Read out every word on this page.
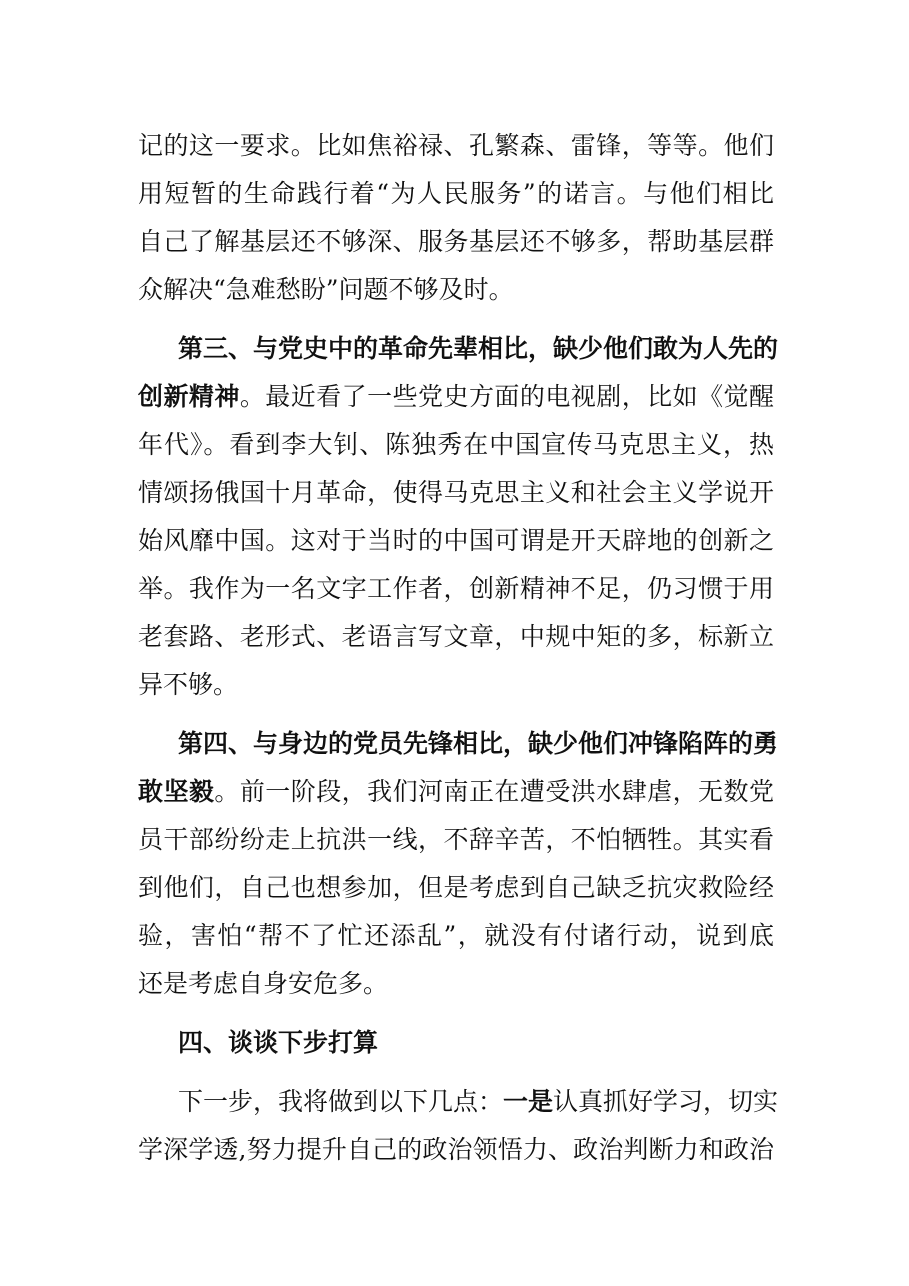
记的这一要求。比如焦裕禄、孔繁森、雷锋，等等。他们
用短暂的生命践行着“为人民服务”的诺言。与他们相比
自己了解基层还不够深、服务基层还不够多，帮助基层群
众解决“急难愁盼”问题不够及时。
第三、与党史中的革命先辈相比，缺少他们敢为人先的
创新精神。最近看了一些党史方面的电视剧，比如《觉醒
年代》。看到李大钊、陈独秀在中国宣传马克思主义，热
情颂扬俄国十月革命，使得马克思主义和社会主义学说开
始风靡中国。这对于当时的中国可谓是开天辟地的创新之
举。我作为一名文字工作者，创新精神不足，仍习惯于用
老套路、老形式、老语言写文章，中规中矩的多，标新立
异不够。
第四、与身边的党员先锋相比，缺少他们冲锋陷阵的勇
敢坚毅。前一阶段，我们河南正在遭受洪水肆虐，无数党
员干部纷纷走上抗洪一线，不辞辛苦，不怕牺牲。其实看
到他们，自己也想参加，但是考虑到自己缺乏抗灾救险经
验，害怕“帮不了忙还添乱”，就没有付诸行动，说到底
还是考虑自身安危多。
四、谈谈下步打算
下一步，我将做到以下几点：一是认真抓好学习，切实
学深学透,努力提升自己的政治领悟力、政治判断力和政治
